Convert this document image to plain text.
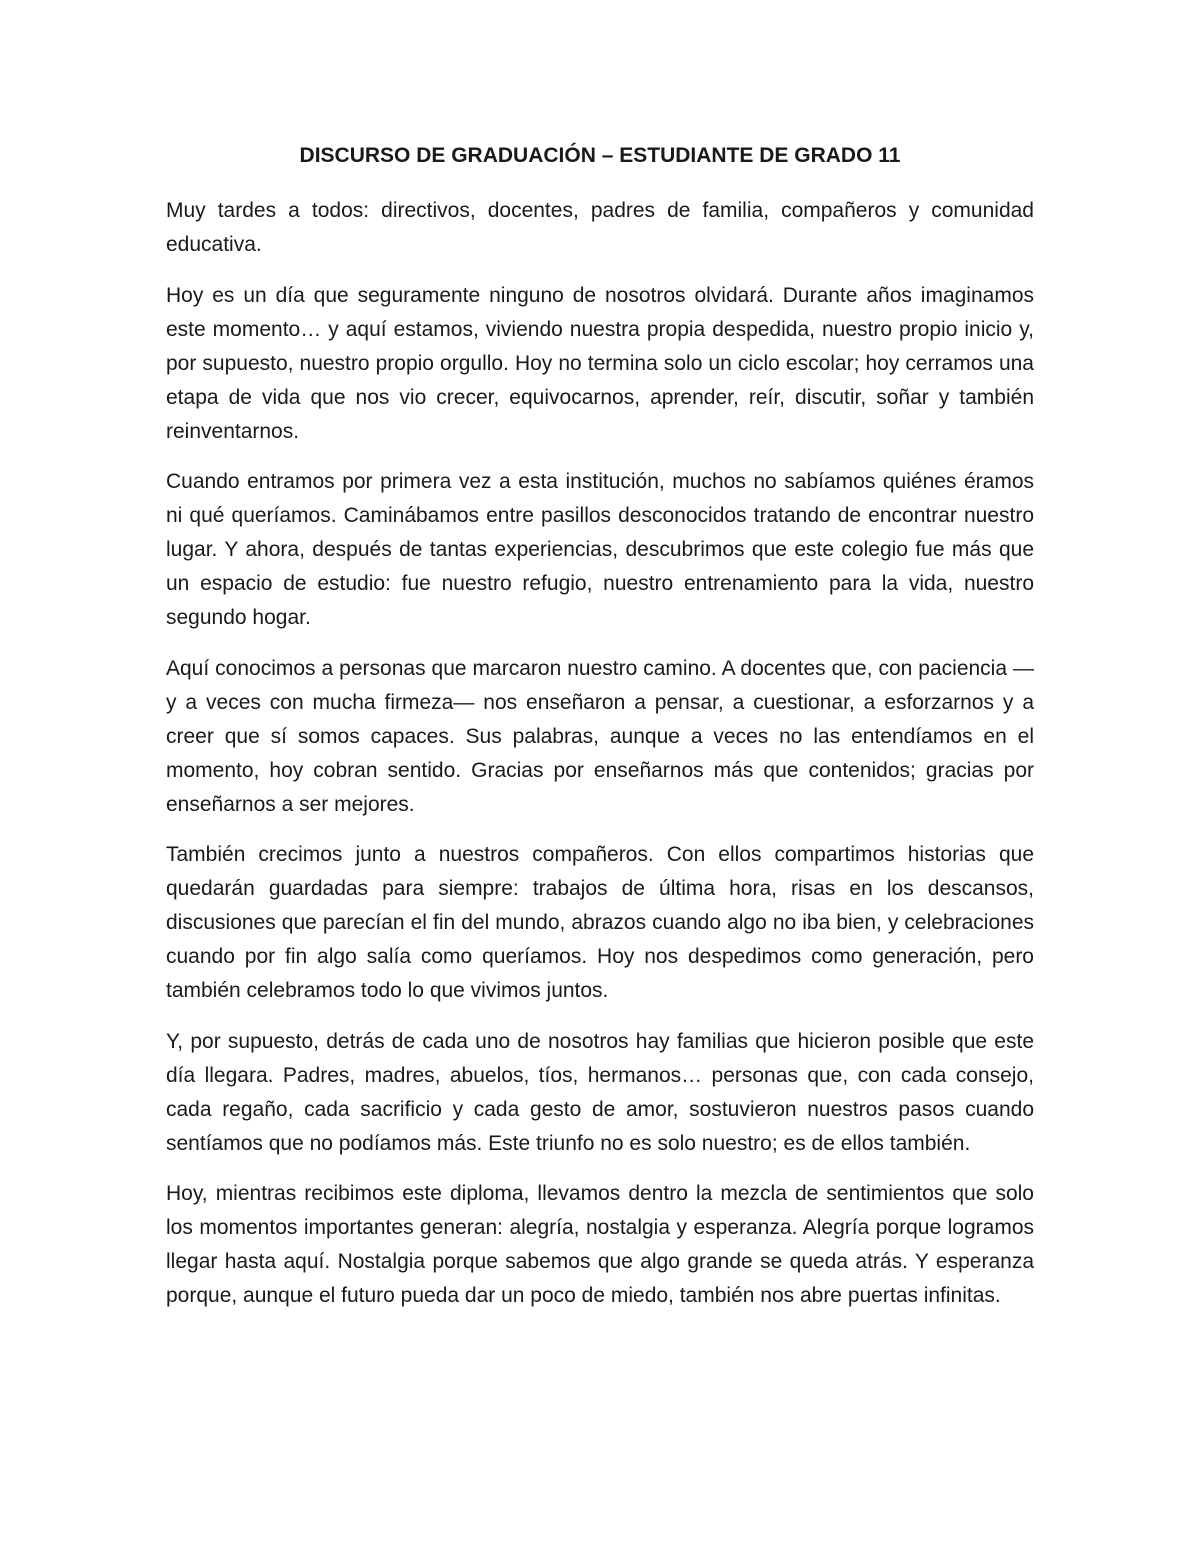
DISCURSO DE GRADUACIÓN – ESTUDIANTE DE GRADO 11

Muy tardes a todos: directivos, docentes, padres de familia, compañeros y comunidad educativa.

Hoy es un día que seguramente ninguno de nosotros olvidará. Durante años imaginamos este momento… y aquí estamos, viviendo nuestra propia despedida, nuestro propio inicio y, por supuesto, nuestro propio orgullo. Hoy no termina solo un ciclo escolar; hoy cerramos una etapa de vida que nos vio crecer, equivocarnos, aprender, reír, discutir, soñar y también reinventarnos.

Cuando entramos por primera vez a esta institución, muchos no sabíamos quiénes éramos ni qué queríamos. Caminábamos entre pasillos desconocidos tratando de encontrar nuestro lugar. Y ahora, después de tantas experiencias, descubrimos que este colegio fue más que un espacio de estudio: fue nuestro refugio, nuestro entrenamiento para la vida, nuestro segundo hogar.

Aquí conocimos a personas que marcaron nuestro camino. A docentes que, con paciencia —y a veces con mucha firmeza— nos enseñaron a pensar, a cuestionar, a esforzarnos y a creer que sí somos capaces. Sus palabras, aunque a veces no las entendíamos en el momento, hoy cobran sentido. Gracias por enseñarnos más que contenidos; gracias por enseñarnos a ser mejores.

También crecimos junto a nuestros compañeros. Con ellos compartimos historias que quedarán guardadas para siempre: trabajos de última hora, risas en los descansos, discusiones que parecían el fin del mundo, abrazos cuando algo no iba bien, y celebraciones cuando por fin algo salía como queríamos. Hoy nos despedimos como generación, pero también celebramos todo lo que vivimos juntos.

Y, por supuesto, detrás de cada uno de nosotros hay familias que hicieron posible que este día llegara. Padres, madres, abuelos, tíos, hermanos… personas que, con cada consejo, cada regaño, cada sacrificio y cada gesto de amor, sostuvieron nuestros pasos cuando sentíamos que no podíamos más. Este triunfo no es solo nuestro; es de ellos también.

Hoy, mientras recibimos este diploma, llevamos dentro la mezcla de sentimientos que solo los momentos importantes generan: alegría, nostalgia y esperanza. Alegría porque logramos llegar hasta aquí. Nostalgia porque sabemos que algo grande se queda atrás. Y esperanza porque, aunque el futuro pueda dar un poco de miedo, también nos abre puertas infinitas.
